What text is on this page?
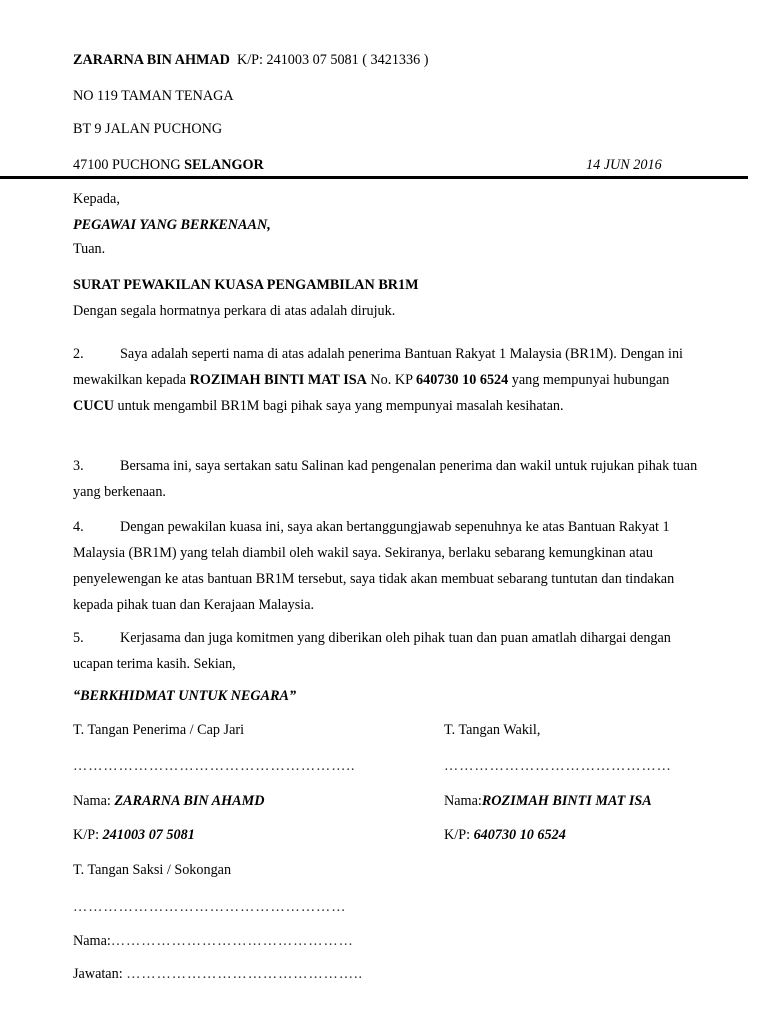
ZARARNA BIN AHMAD K/P: 241003 07 5081 ( 3421336 )
NO 119 TAMAN TENAGA
BT 9 JALAN PUCHONG
47100 PUCHONG SELANGOR	14 JUN 2016
Kepada,
PEGAWAI YANG BERKENAAN,
Tuan.
SURAT PEWAKILAN KUASA PENGAMBILAN BR1M
Dengan segala hormatnya perkara di atas adalah dirujuk.
2.	Saya adalah seperti nama di atas adalah penerima Bantuan Rakyat 1 Malaysia (BR1M). Dengan ini mewakilkan kepada ROZIMAH BINTI MAT ISA No. KP 640730 10 6524 yang mempunyai hubungan CUCU untuk mengambil BR1M bagi pihak saya yang mempunyai masalah kesihatan.
3.	Bersama ini, saya sertakan satu Salinan kad pengenalan penerima dan wakil untuk rujukan pihak tuan yang berkenaan.
4.	Dengan pewakilan kuasa ini, saya akan bertanggungjawab sepenuhnya ke atas Bantuan Rakyat 1 Malaysia (BR1M) yang telah diambil oleh wakil saya. Sekiranya, berlaku sebarang kemungkinan atau penyelewengan ke atas bantuan BR1M tersebut, saya tidak akan membuat sebarang tuntutan dan tindakan kepada pihak tuan dan Kerajaan Malaysia.
5.	Kerjasama dan juga komitmen yang diberikan oleh pihak tuan dan puan amatlah dihargai dengan ucapan terima kasih. Sekian,
“BERKHIDMAT UNTUK NEGARA”
T. Tangan Penerima / Cap Jari	T. Tangan Wakil,
………………………………………………..	………………………………………
Nama: ZARARNA BIN AHAMD	Nama:ROZIMAH BINTI MAT ISA
K/P: 241003 07 5081	K/P: 640730 10 6524
T. Tangan Saksi / Sokongan
………………………………………………
Nama:…………………………………………
Jawatan: ………………………………………..
